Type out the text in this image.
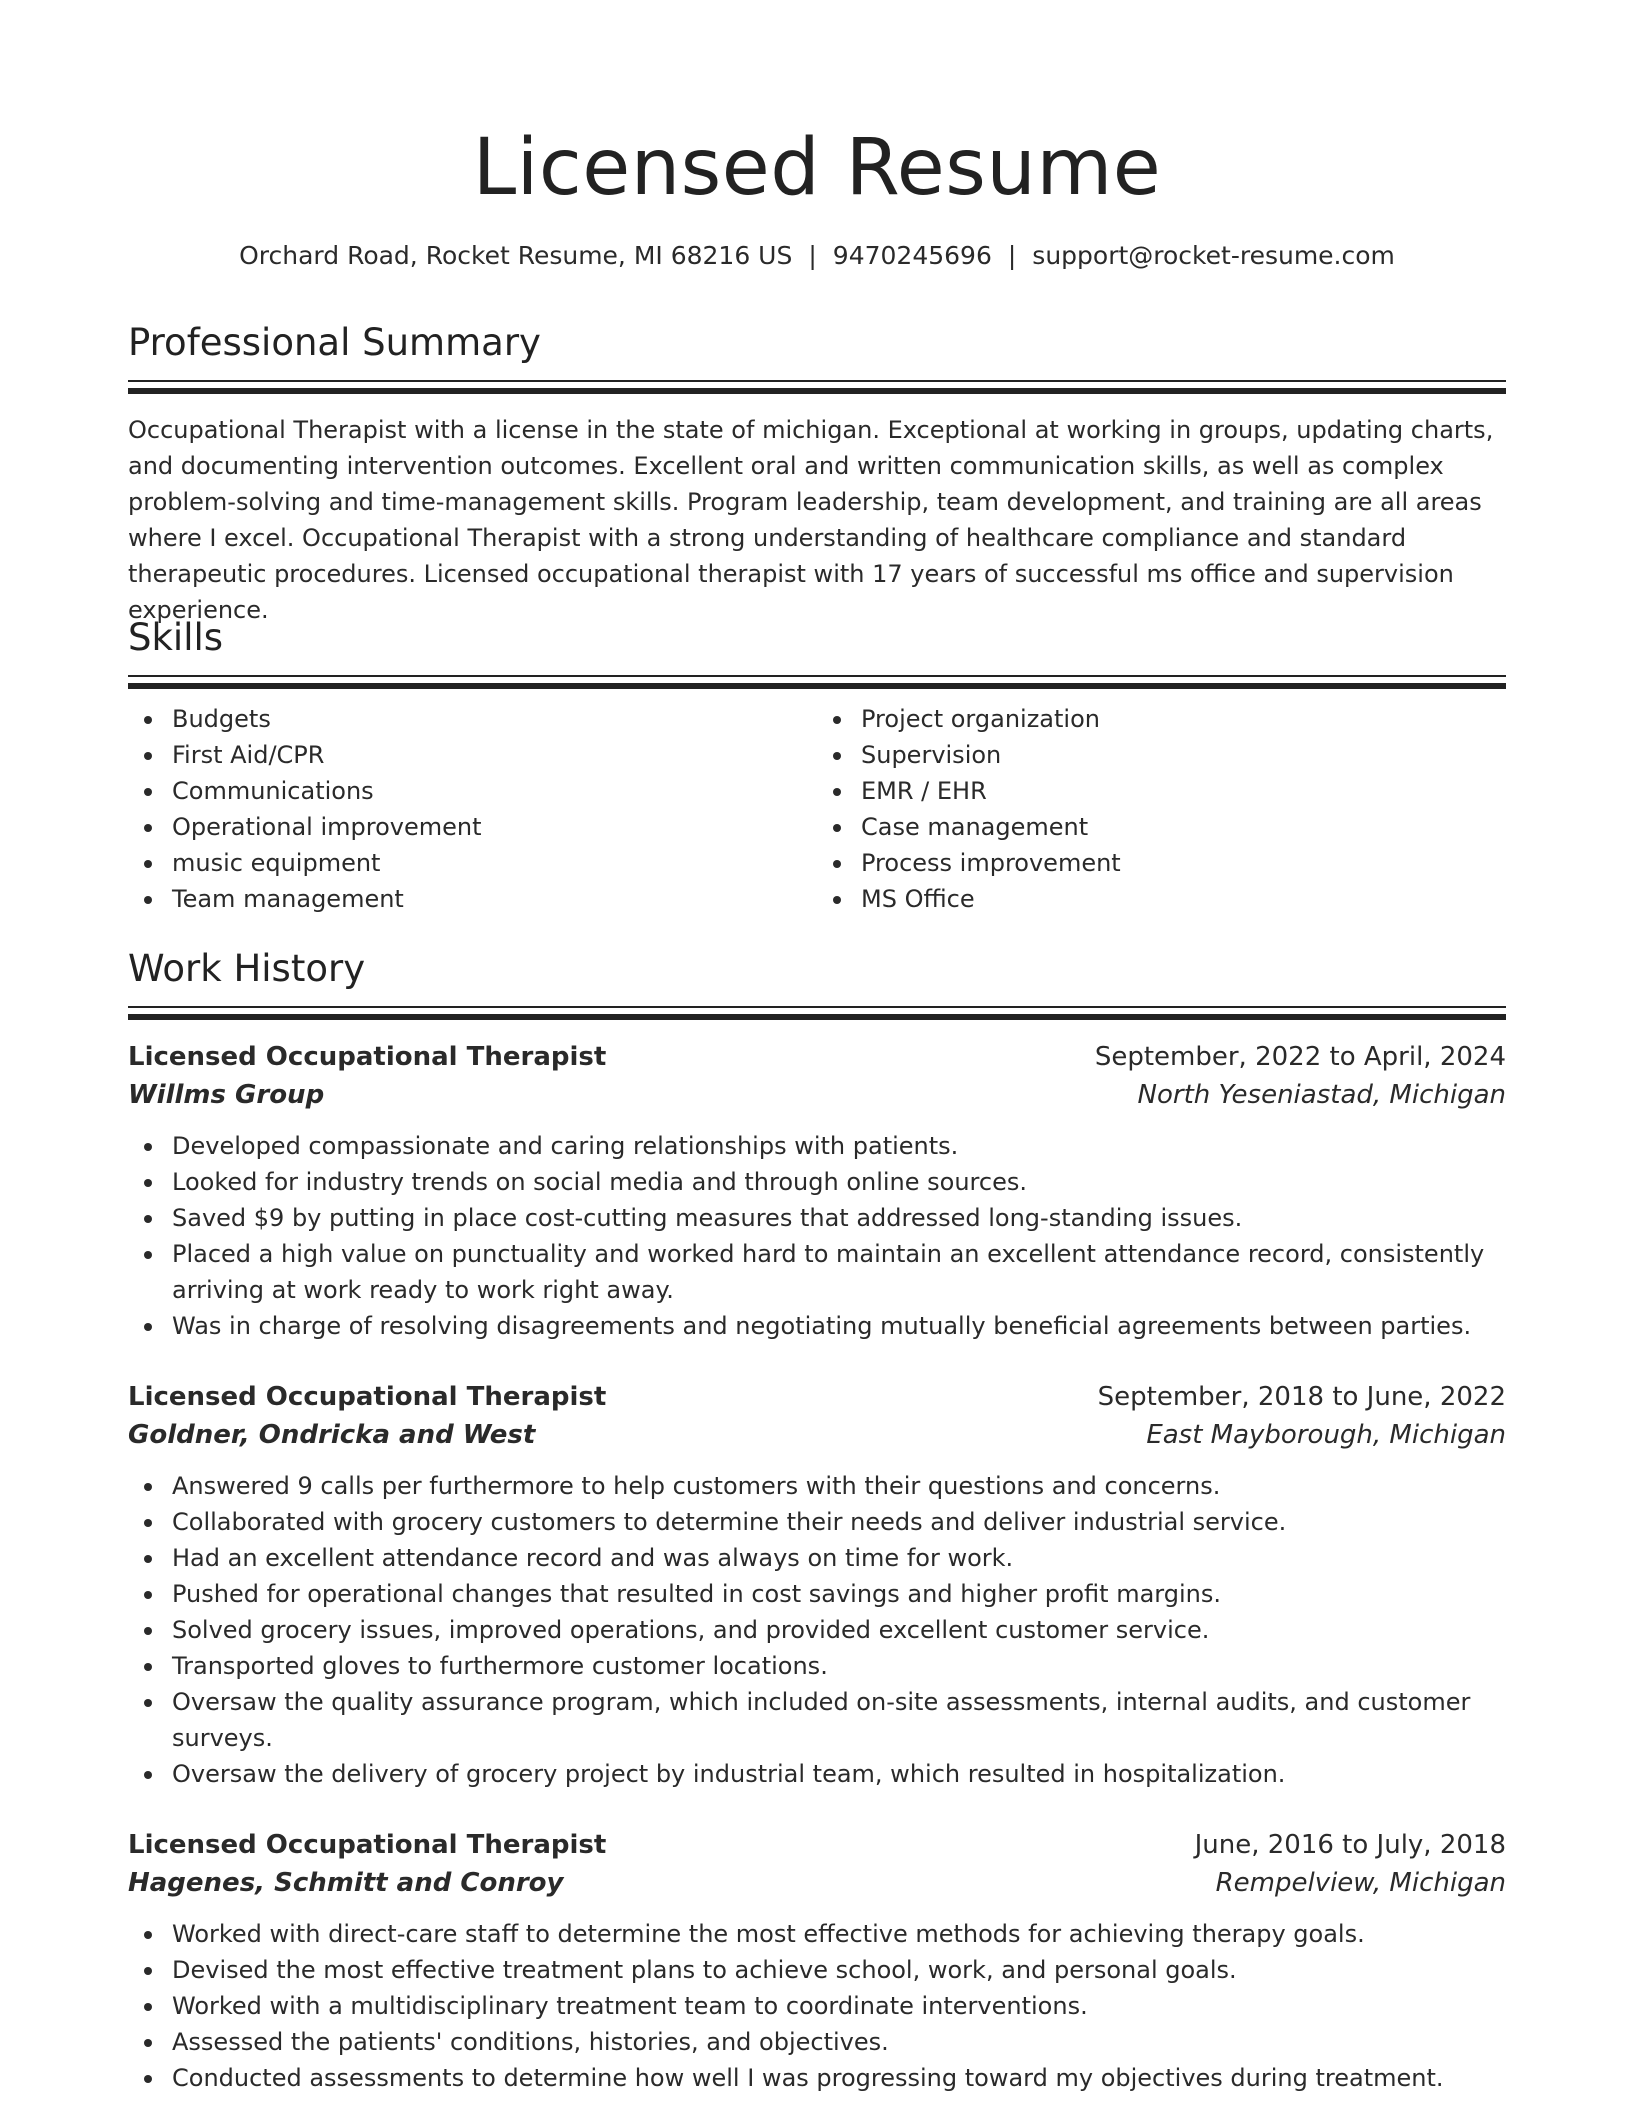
Licensed Resume
Orchard Road, Rocket Resume, MI 68216 US | 9470245696 | support@rocket-resume.com
Professional Summary

Occupational Therapist with a license in the state of michigan. Exceptional at working in groups, updating charts, and documenting intervention outcomes. Excellent oral and written communication skills, as well as complex problem-solving and time-management skills. Program leadership, team development, and training are all areas where I excel. Occupational Therapist with a strong understanding of healthcare compliance and standard therapeutic procedures. Licensed occupational therapist with 17 years of successful ms office and supervision experience.

Skills
Budgets
First Aid/CPR
Communications
Operational improvement
music equipment
Team management
Project organization
Supervision
EMR / EHR
Case management
Process improvement
MS Office
Work History
Licensed Occupational Therapist	September, 2022 to April, 2024
Willms Group	North Yeseniastad, Michigan
Developed compassionate and caring relationships with patients.
Looked for industry trends on social media and through online sources.
Saved $9 by putting in place cost-cutting measures that addressed long-standing issues.
Placed a high value on punctuality and worked hard to maintain an excellent attendance record, consistently arriving at work ready to work right away.
Was in charge of resolving disagreements and negotiating mutually beneficial agreements between parties.
Licensed Occupational Therapist	September, 2018 to June, 2022
Goldner, Ondricka and West	East Mayborough, Michigan
Answered 9 calls per furthermore to help customers with their questions and concerns.
Collaborated with grocery customers to determine their needs and deliver industrial service.
Had an excellent attendance record and was always on time for work.
Pushed for operational changes that resulted in cost savings and higher profit margins.
Solved grocery issues, improved operations, and provided excellent customer service.
Transported gloves to furthermore customer locations.
Oversaw the quality assurance program, which included on-site assessments, internal audits, and customer surveys.
Oversaw the delivery of grocery project by industrial team, which resulted in hospitalization.
Licensed Occupational Therapist	June, 2016 to July, 2018
Hagenes, Schmitt and Conroy	Rempelview, Michigan
Worked with direct-care staff to determine the most effective methods for achieving therapy goals.
Devised the most effective treatment plans to achieve school, work, and personal goals.
Worked with a multidisciplinary treatment team to coordinate interventions.
Assessed the patients' conditions, histories, and objectives.
Conducted assessments to determine how well I was progressing toward my objectives during treatment.
